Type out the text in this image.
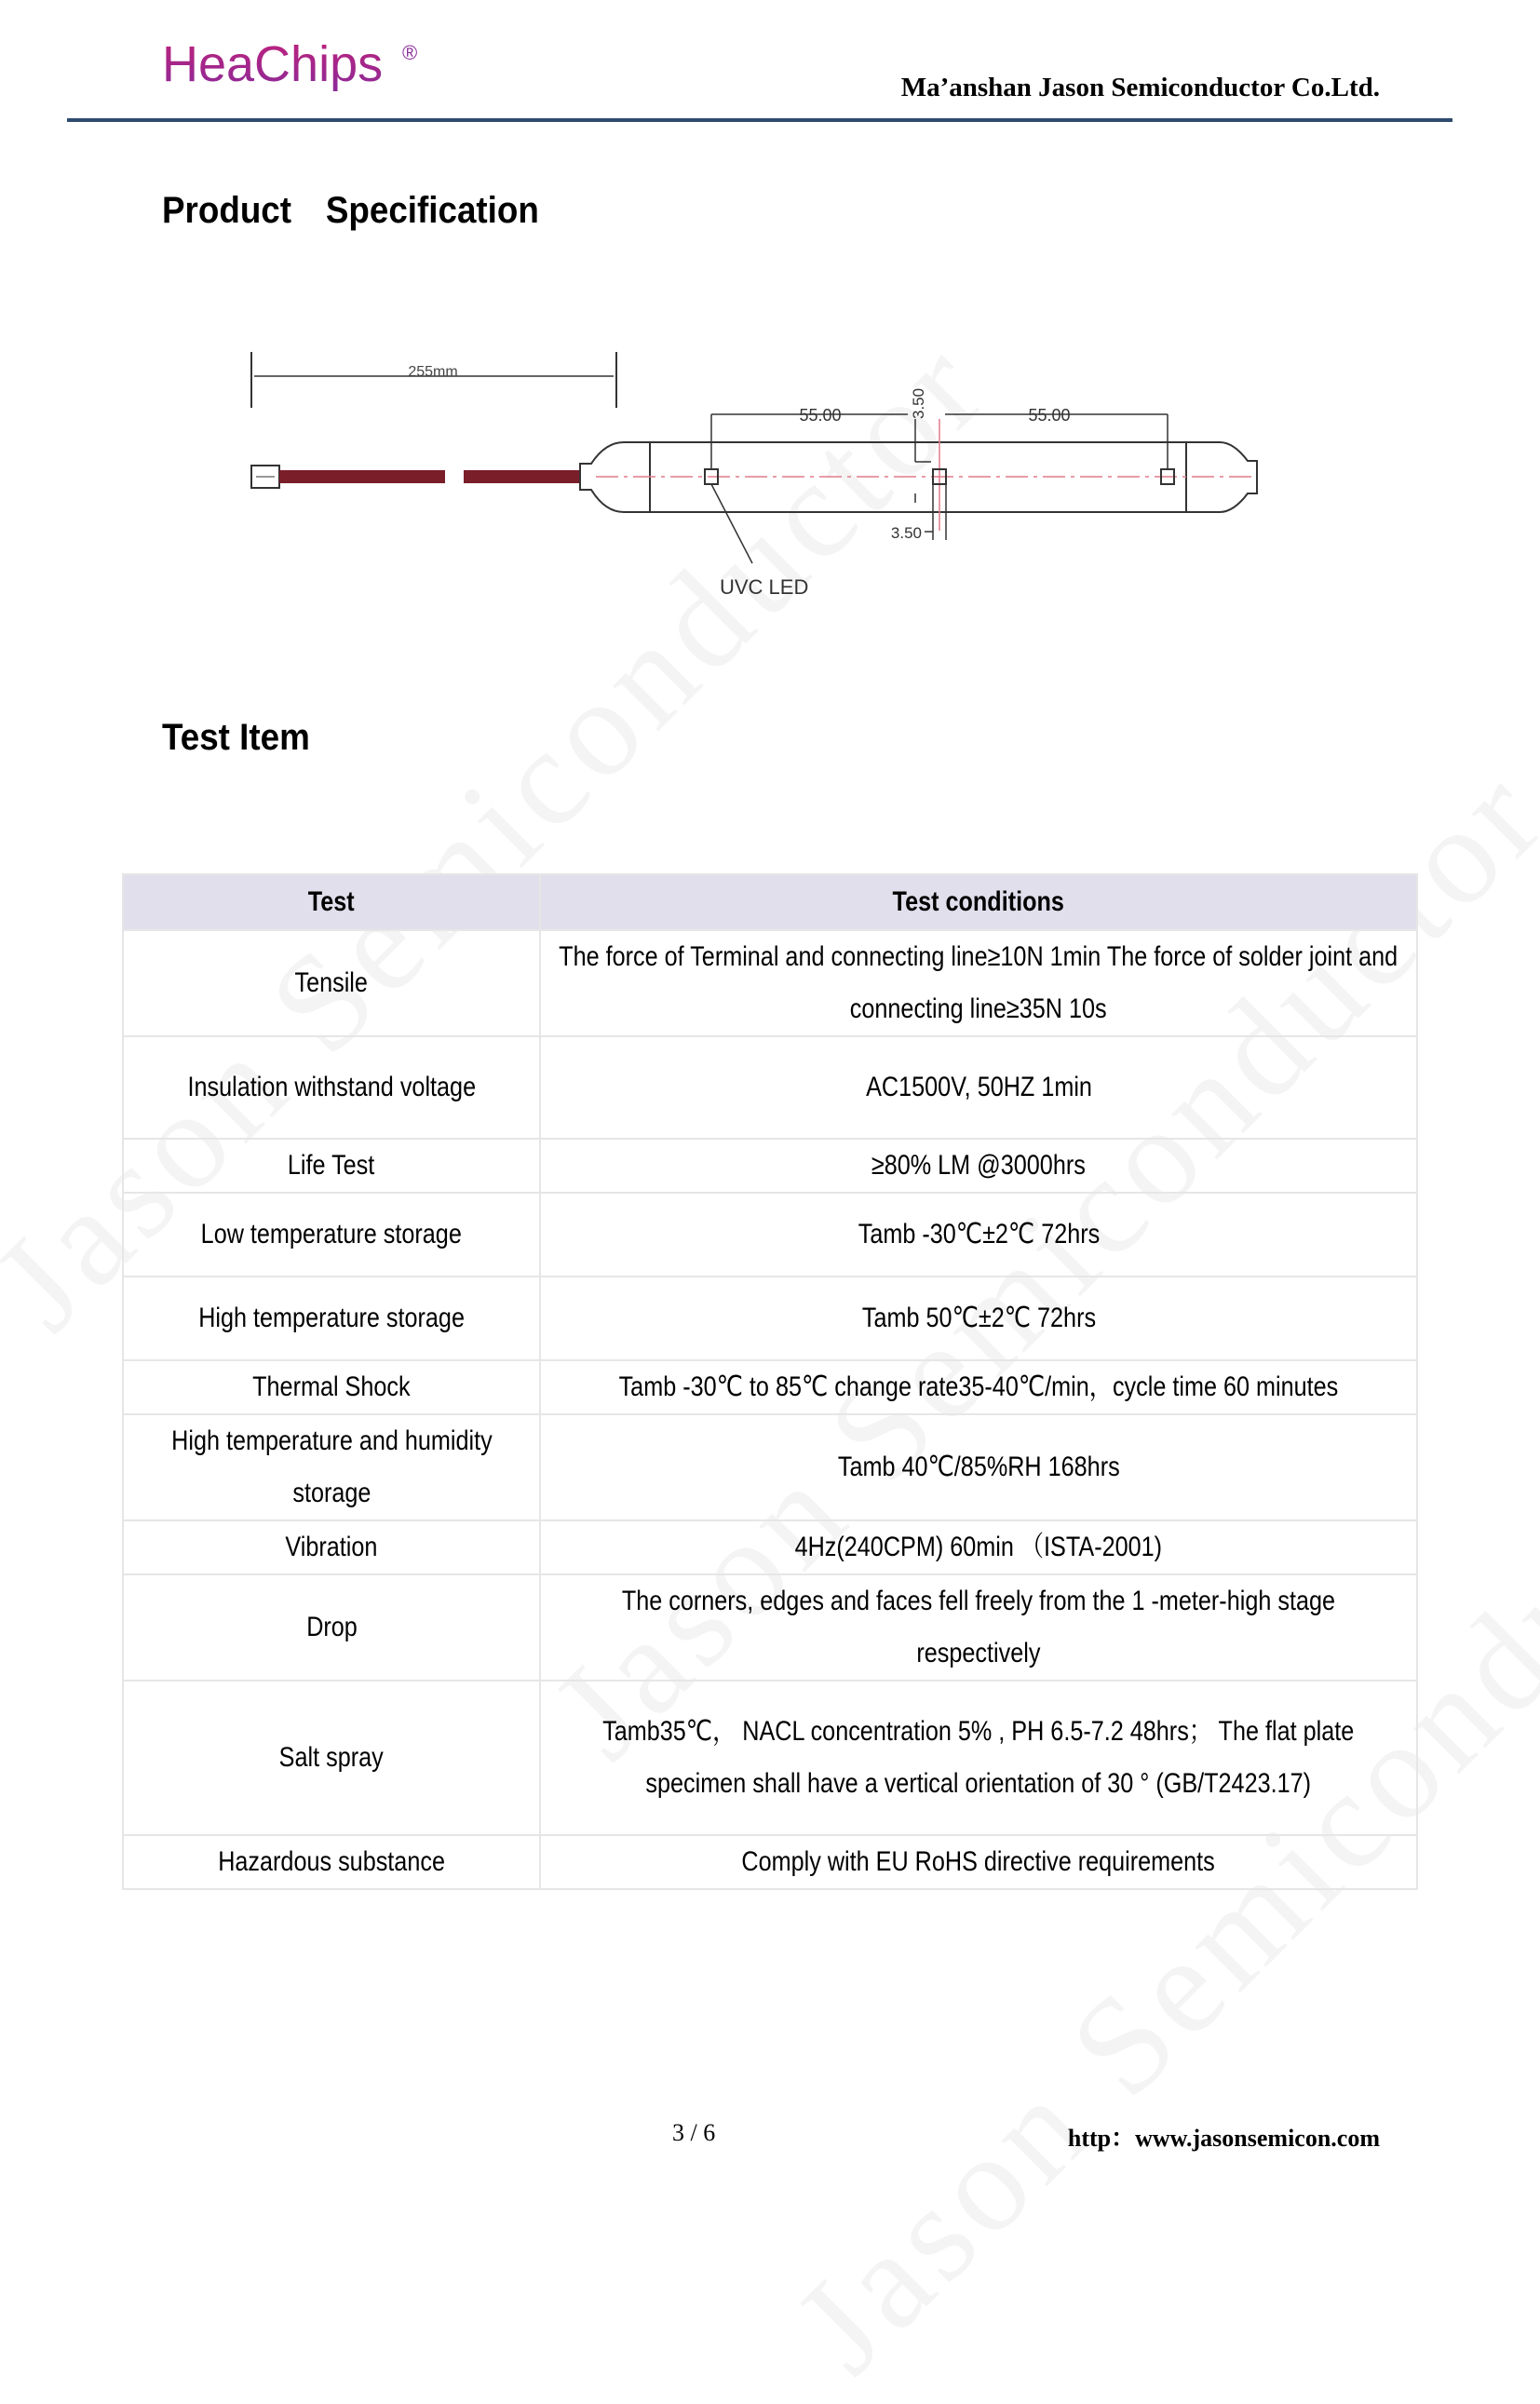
HeaChips ®
Ma’anshan Jason Semiconductor Co.Ltd.
Product Specification
255mm
55.00	55.00
3.50
3.50
UVC LED
Test Item
Test	Test conditions
Tensile	The force of Terminal and connecting line≥10N 1min The force of solder joint and connecting line≥35N 10s
Insulation withstand voltage	AC1500V, 50HZ 1min
Life Test	≥80% LM @3000hrs
Low temperature storage	Tamb -30℃±2℃ 72hrs
High temperature storage	Tamb 50℃±2℃ 72hrs
Thermal Shock	Tamb -30℃ to 85℃ change rate35-40℃/min，cycle time 60 minutes
High temperature and humidity storage	Tamb 40℃/85%RH 168hrs
Vibration	4Hz(240CPM) 60min （ISTA-2001)
Drop	The corners, edges and faces fell freely from the 1 -meter-high stage respectively
Salt spray	Tamb35℃， NACL concentration 5% , PH 6.5-7.2 48hrs； The flat plate specimen shall have a vertical orientation of 30 ° (GB/T2423.17)
Hazardous substance	Comply with EU RoHS directive requirements
3 / 6	http：www.jasonsemicon.com
